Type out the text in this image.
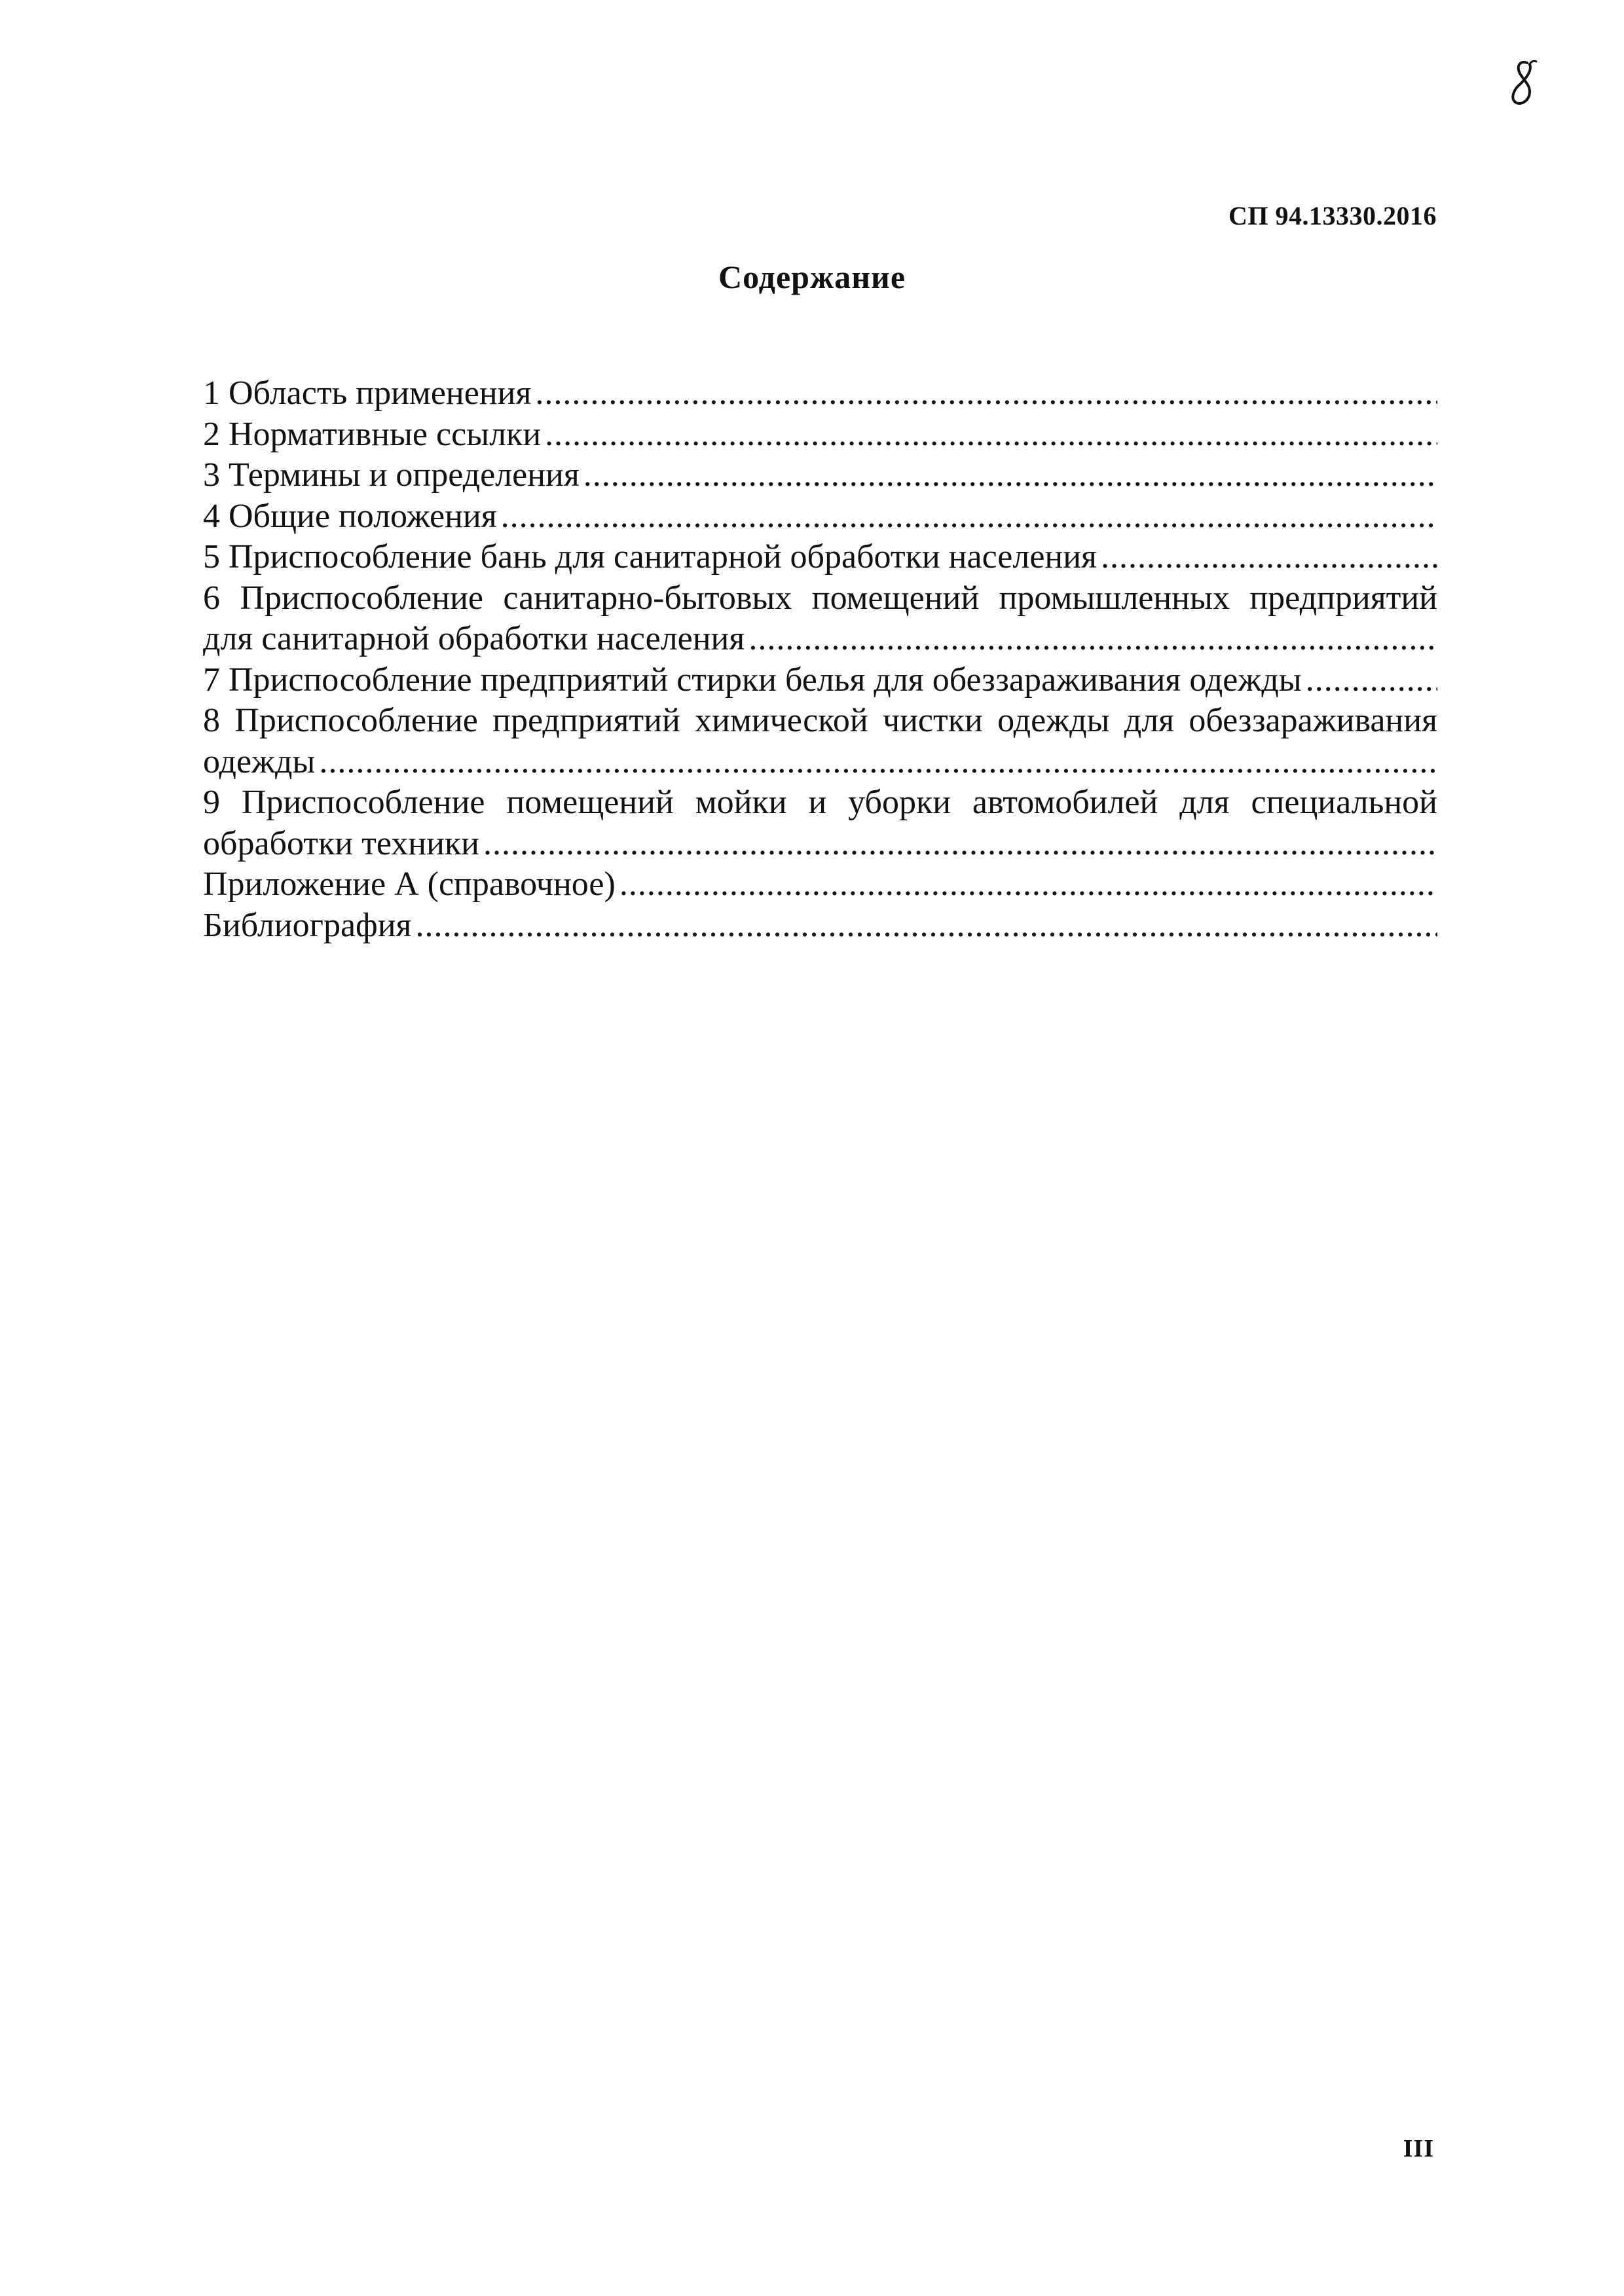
СП 94.13330.2016
Содержание
1 Область применения
.....
2 Нормативные ссылки
.....
3 Термины и определения
.....
4 Общие положения
.....
5 Приспособление бань для санитарной обработки населения
.....
6 Приспособление санитарно-бытовых помещений промышленных предприятий
для санитарной обработки населения
.....
7 Приспособление предприятий стирки белья для обеззараживания одежды
.....
8 Приспособление предприятий химической чистки одежды для обеззараживания
одежды
.....
9 Приспособление помещений мойки и уборки автомобилей для специальной
обработки техники
.....
Приложение А (справочное)
.....
Библиография
.....
III
